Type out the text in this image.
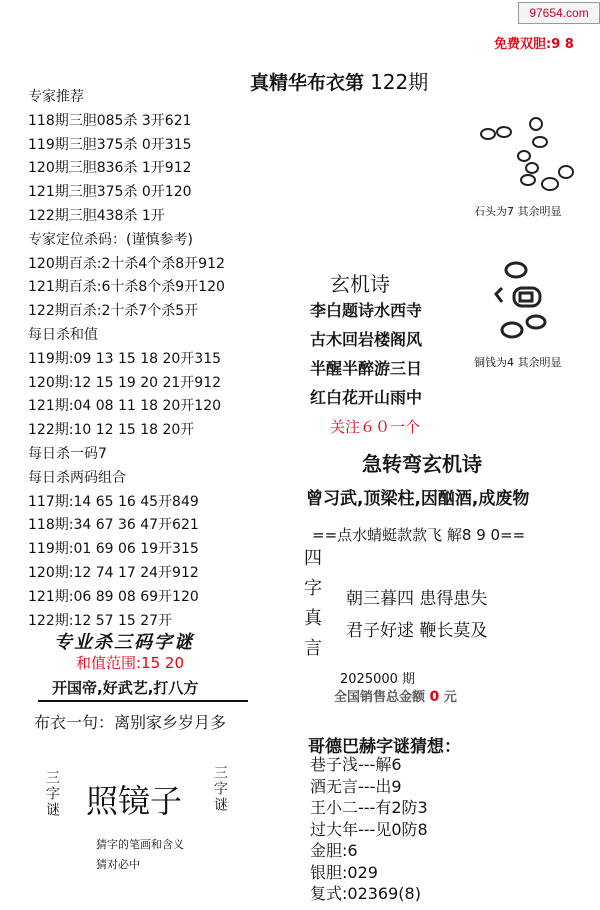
97654.com
免费双胆:9 8
真精华布衣第 122期
专家推荐
118期三胆085杀 3开621
119期三胆375杀 0开315
120期三胆836杀 1开912
121期三胆375杀 0开120
122期三胆438杀 1开
专家定位杀码：(谨慎参考)
120期百杀:2十杀4个杀8开912
121期百杀:6十杀8个杀9开120
122期百杀:2十杀7个杀5开
每日杀和值
119期:09 13 15 18 20开315
120期:12 15 19 20 21开912
121期:04 08 11 18 20开120
122期:10 12 15 18 20开
每日杀一码7
每日杀两码组合
117期:14 65 16 45开849
118期:34 67 36 47开621
119期:01 69 06 19开315
120期:12 74 17 24开912
121期:06 89 08 69开120
122期:12 57 15 27开
专业杀三码字谜
和值范围:15 20
开国帝,好武艺,打八方
布衣一句：离别家乡岁月多
三字谜 照镜子 三字谜
猜字的笔画和含义
猜对必中
石头为7 其余明显
铜钱为4 其余明显
玄机诗
李白题诗水西寺
古木回岩楼阁风
半醒半醉游三日
红白花开山雨中
关注６０一个
急转弯玄机诗
曾习武,顶梁柱,因酗酒,成废物
==点水蜻蜓款款飞 解8 9 0==
四
字
真
言
朝三暮四 患得患失
君子好逑 鞭长莫及
2025000 期
全国销售总金额 0 元
哥德巴赫字谜猜想：
巷子浅---解6
酒无言---出9
王小二---有2防3
过大年---见0防8
金胆:6
银胆:029
复式:02369(8)
